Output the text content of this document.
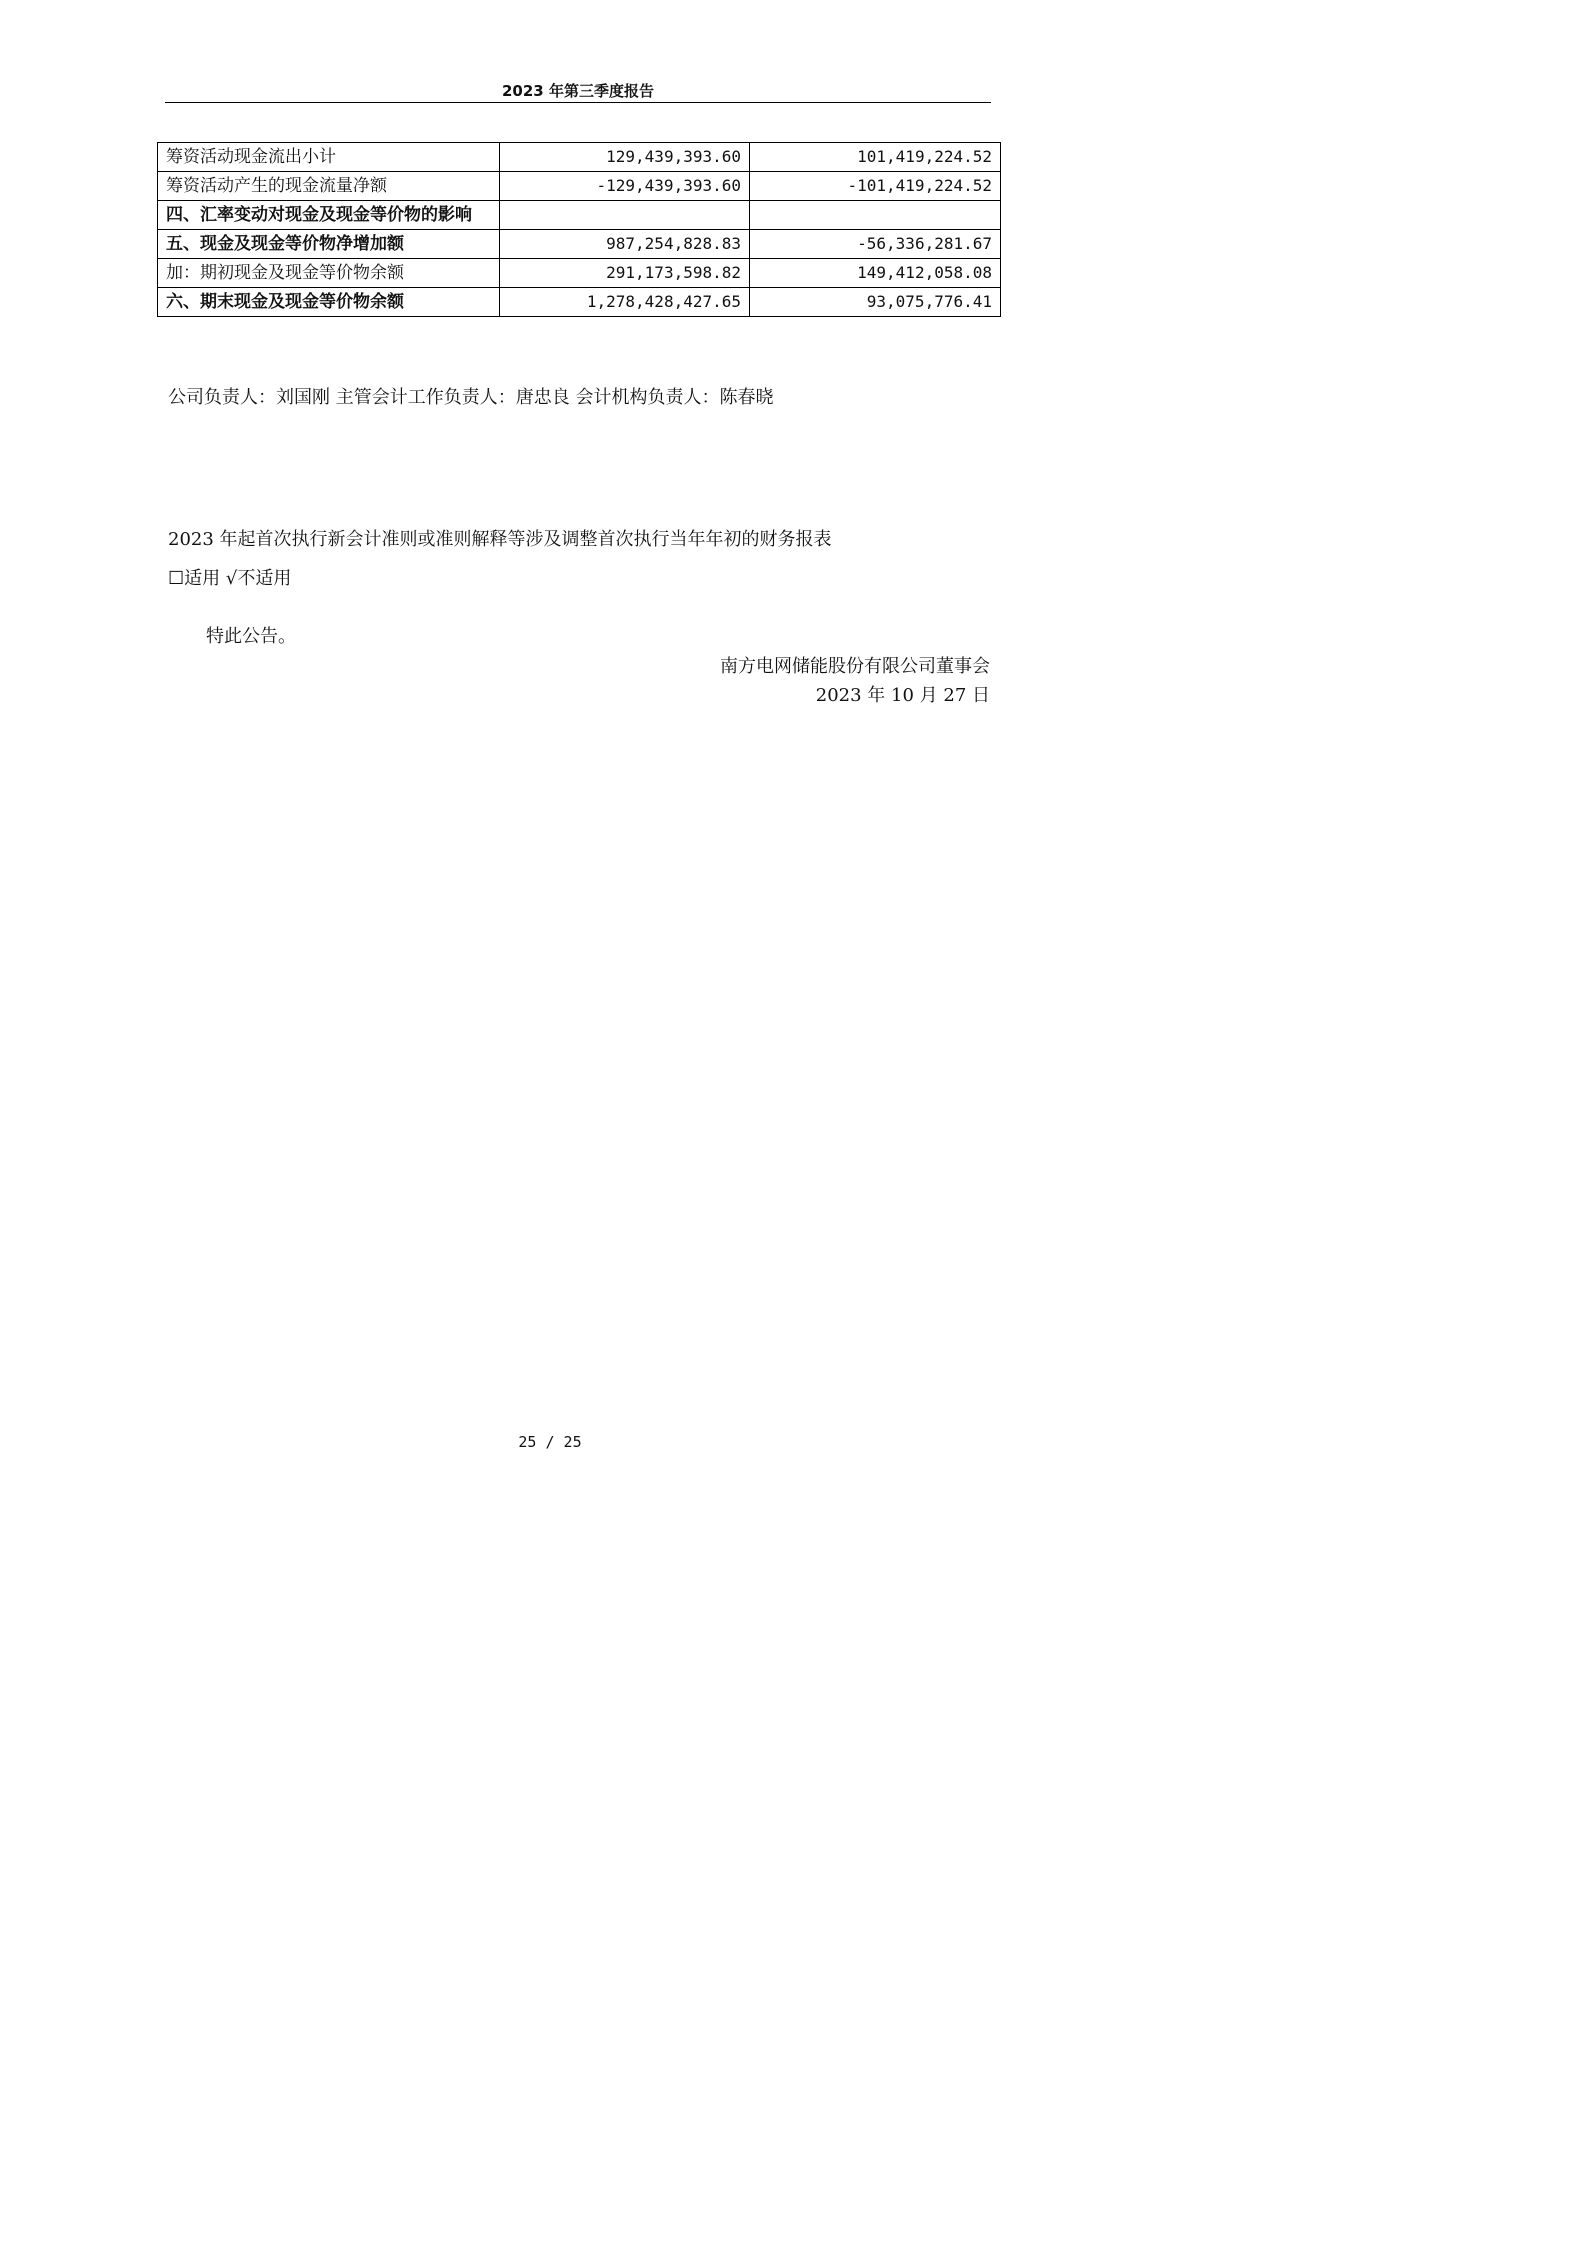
2023 年第三季度报告
筹资活动现金流出小计	129,439,393.60	101,419,224.52
筹资活动产生的现金流量净额	-129,439,393.60	-101,419,224.52
四、汇率变动对现金及现金等价物的影响		
五、现金及现金等价物净增加额	987,254,828.83	-56,336,281.67
加：期初现金及现金等价物余额	291,173,598.82	149,412,058.08
六、期末现金及现金等价物余额	1,278,428,427.65	93,075,776.41
公司负责人：刘国刚 主管会计工作负责人：唐忠良 会计机构负责人：陈春晓
2023 年起首次执行新会计准则或准则解释等涉及调整首次执行当年年初的财务报表
☐适用 √不适用
特此公告。
南方电网储能股份有限公司董事会
2023 年 10 月 27 日
25 / 25
